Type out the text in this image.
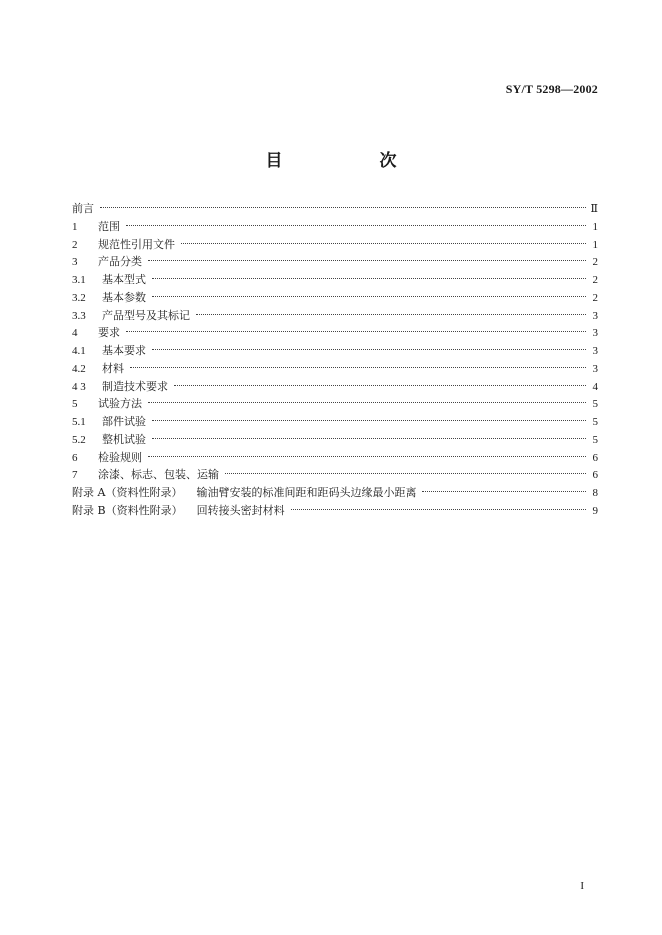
SY/T 5298—2002
目　次
前言	Ⅱ
1	范围	1
2	规范性引用文件	1
3	产品分类	2
3.1	基本型式	2
3.2	基本参数	2
3.3	产品型号及其标记	3
4	要求	3
4.1	基本要求	3
4.2	材料	3
4 3	制造技术要求	4
5	试验方法	5
5.1	部件试验	5
5.2	整机试验	5
6	检验规则	6
7	涂漆、标志、包装、运输	6
附录 A（资料性附录） 输油臂安装的标准间距和距码头边缘最小距离	8
附录 B（资料性附录） 回转接头密封材料	9
I
